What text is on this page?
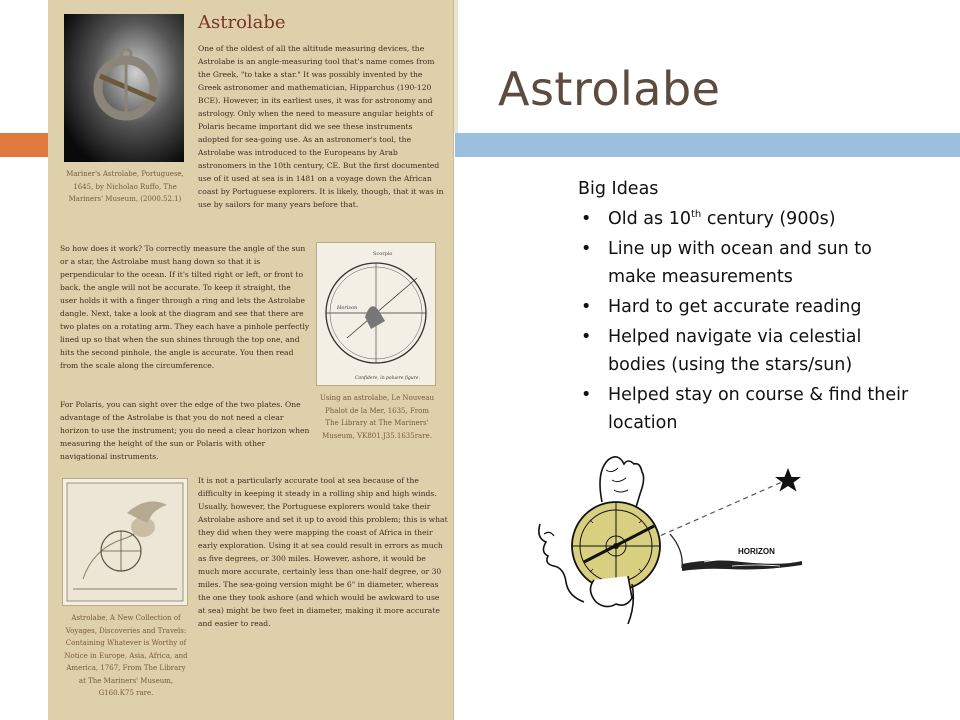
Mariner's Astrolabe, Portuguese, 1645, by Nicholao Ruffo, The Mariners' Museum, (2000.52.1)
Astrolabe
One of the oldest of all the altitude measuring devices, the Astrolabe is an angle-measuring tool that's name comes from the Greek, "to take a star." It was possibly invented by the Greek astronomer and mathematician, Hipparchus (190-120 BCE). However, in its earliest uses, it was for astronomy and astrology. Only when the need to measure angular heights of Polaris became important did we see these instruments adopted for sea-going use. As an astronomer's tool, the Astrolabe was introduced to the Europeans by Arab astronomers in the 10th century, CE. But the first documented use of it used at sea is in 1481 on a voyage down the African coast by Portuguese explorers. It is likely, though, that it was in use by sailors for many years before that.
So how does it work? To correctly measure the angle of the sun or a star, the Astrolabe must hang down so that it is perpendicular to the ocean. If it's tilted right or left, or front to back, the angle will not be accurate. To keep it straight, the user holds it with a finger through a ring and lets the Astrolabe dangle. Next, take a look at the diagram and see that there are two plates on a rotating arm. They each have a pinhole perfectly lined up so that when the sun shines through the top one, and hits the second pinhole, the angle is accurate. You then read from the scale along the circumference.
Scorpio
Horizon
Confidere, in poluere figure.
Using an astrolabe, Le Nouveau Phalot de la Mer, 1635, From The Library at The Mariners' Museum, VK801.J35.1635rare.
For Polaris, you can sight over the edge of the two plates. One advantage of the Astrolabe is that you do not need a clear horizon to use the instrument; you do need a clear horizon when measuring the height of the sun or Polaris with other navigational instruments.
Astrolabe, A New Collection of Voyages, Discoveries and Travels: Containing Whatever is Worthy of Notice in Europe, Asia, Africa, and America, 1767, From The Library at The Mariners' Museum, G160.K75 rare.
It is not a particularly accurate tool at sea because of the difficulty in keeping it steady in a rolling ship and high winds. Usually, however, the Portuguese explorers would take their Astrolabe ashore and set it up to avoid this problem; this is what they did when they were mapping the coast of Africa in their early exploration. Using it at sea could result in errors as much as five degrees, or 300 miles. However, ashore, it would be much more accurate, certainly less than one-half degree, or 30 miles. The sea-going version might be 6" in diameter, whereas the one they took ashore (and which would be awkward to use at sea) might be two feet in diameter, making it more accurate and easier to read.
Astrolabe
Big Ideas
• Old as 10th century (900s)
• Line up with ocean and sun to make measurements
• Hard to get accurate reading
• Helped navigate via celestial bodies (using the stars/sun)
• Helped stay on course & find their location
HORIZON
